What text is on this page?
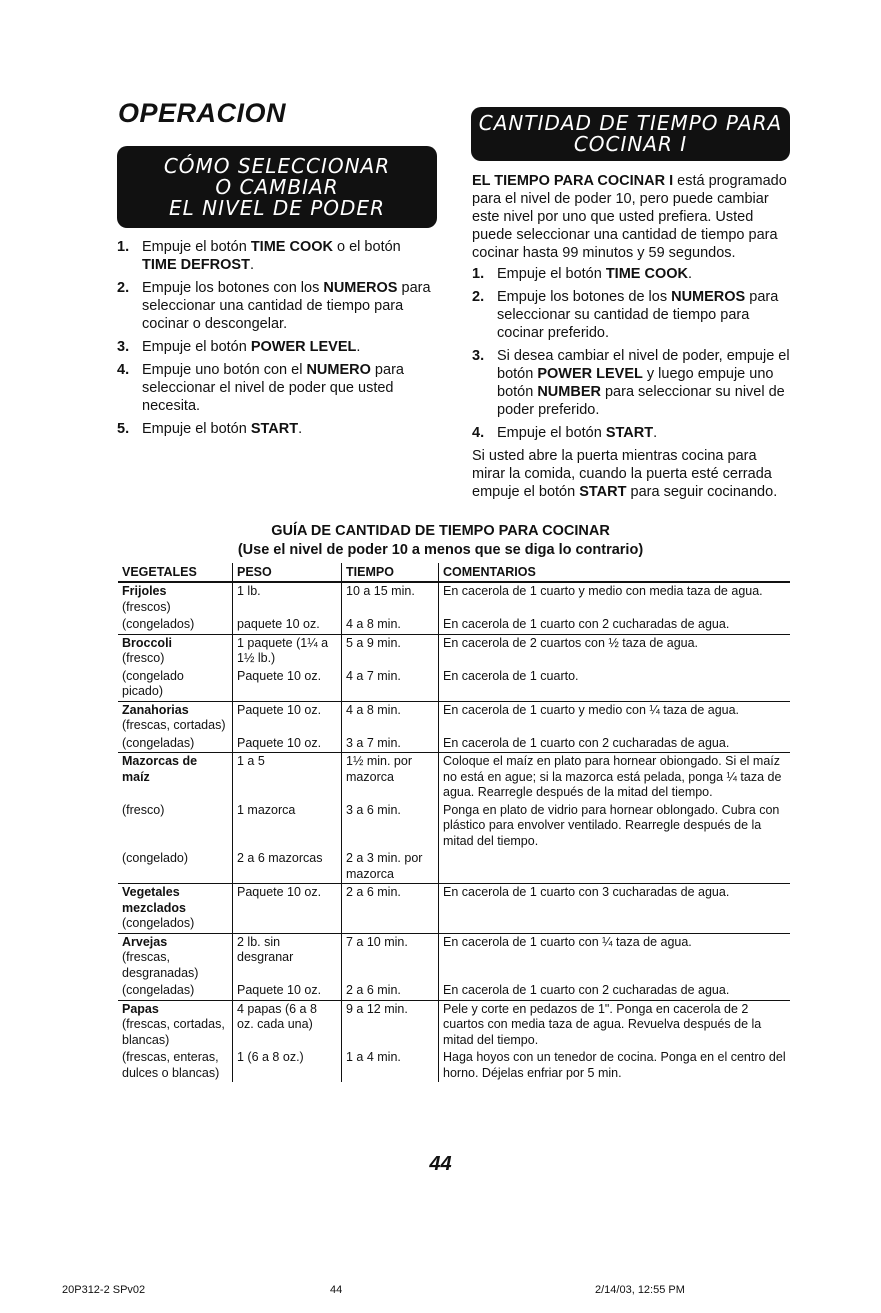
OPERACION
CÓMO SELECCIONAR
O CAMBIAR
EL NIVEL DE PODER
1. Empuje el botón TIME COOK o el botón TIME DEFROST.
2. Empuje los botones con los NUMEROS para seleccionar una cantidad de tiempo para cocinar o descongelar.
3. Empuje el botón POWER LEVEL.
4. Empuje uno botón con el NUMERO para seleccionar el nivel de poder que usted necesita.
5. Empuje el botón START.
CANTIDAD DE TIEMPO PARA
COCINAR I
EL TIEMPO PARA COCINAR I está programado para el nivel de poder 10, pero puede cambiar este nivel por uno que usted prefiera. Usted puede seleccionar una cantidad de tiempo para cocinar hasta 99 minutos y 59 segundos.
1. Empuje el botón TIME COOK.
2. Empuje los botones de los NUMEROS para seleccionar su cantidad de tiempo para cocinar preferido.
3. Si desea cambiar el nivel de poder, empuje el botón POWER LEVEL y luego empuje uno botón NUMBER para seleccionar su nivel de poder preferido.
4. Empuje el botón START.
Si usted abre la puerta mientras cocina para mirar la comida, cuando la puerta esté cerrada empuje el botón START para seguir cocinando.
GUÍA DE CANTIDAD DE TIEMPO PARA COCINAR
(Use el nivel de poder 10 a menos que se diga lo contrario)
VEGETALES	PESO	TIEMPO	COMENTARIOS

Frijoles
(frescos)	1 lb.	10 a 15 min.	En cacerola de 1 cuarto y medio con media taza de agua.

(congelados)	paquete 10 oz.	4 a 8 min.	En cacerola de 1 cuarto con 2 cucharadas de agua.

Broccoli
(fresco)	1 paquete (1¼ a 1½ lb.)	5 a 9 min.	En cacerola de 2 cuartos con ½ taza de agua.

(congelado picado)	Paquete 10 oz.	4 a 7 min.	En cacerola de 1 cuarto.

Zanahorias
(frescas, cortadas)	Paquete 10 oz.	4 a 8 min.	En cacerola de 1 cuarto y medio con ¼ taza de agua.

(congeladas)	Paquete 10 oz.	3 a 7 min.	En cacerola de 1 cuarto con 2 cucharadas de agua.

Mazorcas de maíz	1 a 5	1½ min. por mazorca	Coloque el maíz en plato para hornear obiongado. Si el maíz no está en ague; si la mazorca está pelada, ponga ¼ taza de agua. Rearregle después de la mitad del tiempo.

(fresco)	1 mazorca	3 a 6 min.	Ponga en plato de vidrio para hornear oblongado. Cubra con plástico para envolver ventilado. Rearregle después de la mitad del tiempo.

(congelado)	2 a 6 mazorcas	2 a 3 min. por mazorca	

Vegetales mezclados
(congelados)	Paquete 10 oz.	2 a 6 min.	En cacerola de 1 cuarto con 3 cucharadas de agua.

Arvejas
(frescas, desgranadas)	2 lb. sin desgranar	7 a 10 min.	En cacerola de 1 cuarto con ¼ taza de agua.

(congeladas)	Paquete 10 oz.	2 a 6 min.	En cacerola de 1 cuarto con 2 cucharadas de agua.

Papas
(frescas, cortadas, blancas)	4 papas (6 a 8 oz. cada una)	9 a 12 min.	Pele y corte en pedazos de 1". Ponga en cacerola de 2 cuartos con media taza de agua. Revuelva después de la mitad del tiempo.

(frescas, enteras, dulces o blancas)	1 (6 a 8 oz.)	1 a 4 min.	Haga hoyos con un tenedor de cocina. Ponga en el centro del horno. Déjelas enfriar por 5 min.
44
20P312-2 SPv02	44	2/14/03, 12:55 PM
